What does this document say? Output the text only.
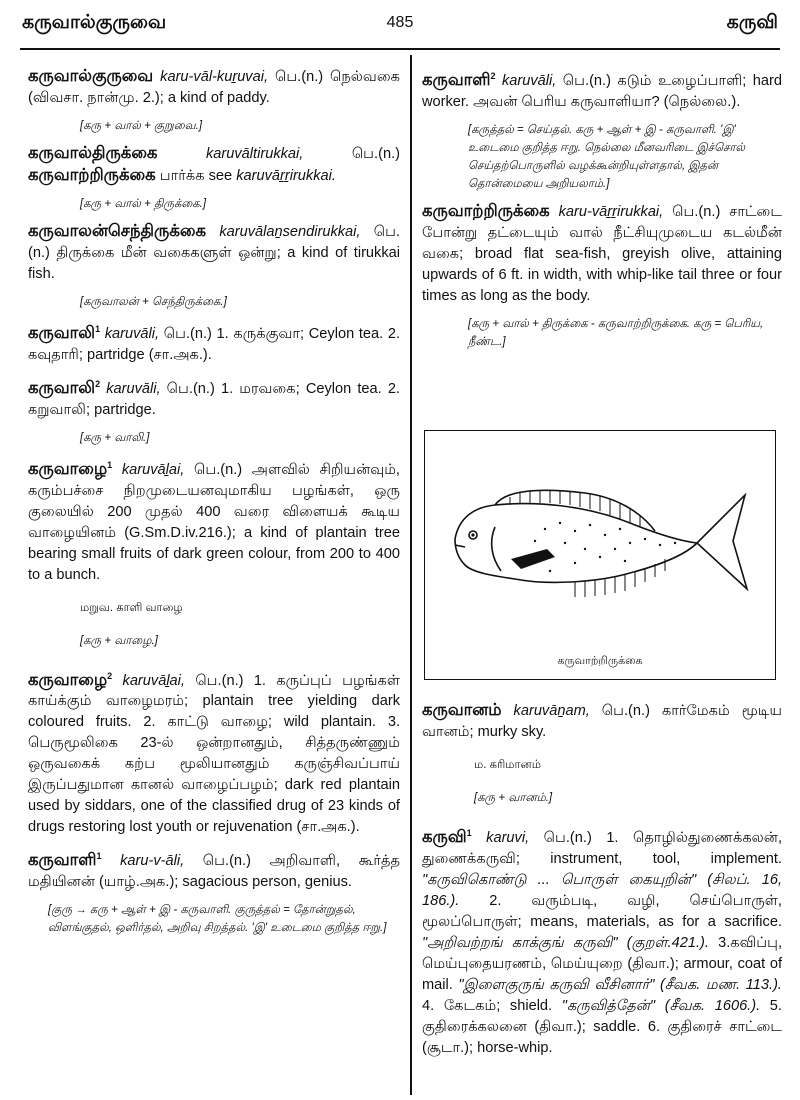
கருவால்குருவை	485	கருவி

கருவால்குருவை karu-vāl-kuṟuvai, பெ.(n.) நெல்வகை (விவசா. நான்மு. 2.); a kind of paddy.

[கரு + வால் + குறுவை.]

கருவால்திருக்கை	karuvāltirukkai, பெ.(n.) கருவாற்றிருக்கை பார்க்க see karuvāṟṟirukkai.

[கரு + வால் + திருக்கை.]

கருவாலன்செந்திருக்கை karuvālaṉsendirukkai, பெ.(n.) திருக்கை மீன் வகைகளுள் ஒன்று; a kind of tirukkai fish.

[கருவாலன் + செந்திருக்கை.]

கருவாலி$^1$ karuvāli, பெ.(n.) 1. கருக்குவா; Ceylon tea. 2. கவுதாரி; partridge (சா.அக.).

கருவாலி$^2$ karuvāli, பெ.(n.) 1. மரவகை; Ceylon tea. 2. கறுவாலி; partridge.

[கரு + வாலி.]

கருவாழை$^1$ karuvāḻai, பெ.(n.) அளவில் சிறியன்வும், கரும்பச்சை நிறமுடையனவுமாகிய பழங்கள், ஒரு குலையில் 200 முதல் 400 வரை விளையக் கூடிய வாழையினம் (G.Sm.D.iv.216.); a kind of plantain tree bearing small fruits of dark green colour, from 200 to 400 to a bunch.

மறுவ. காளி வாழை

[கரு + வாழை.]

கருவாழை$^2$ karuvāḻai, பெ.(n.) 1. கருப்புப் பழங்கள் காய்க்கும் வாழைமரம்; plantain tree yielding dark coloured fruits. 2. காட்டு வாழை; wild plantain. 3. பெருமூலிகை 23-ல் ஒன்றானதும், சித்தருண்ணும் ஒருவகைக் கற்ப மூலியானதும் கருஞ்சிவப்பாய் இருப்பதுமான கானல் வாழைப்பழம்; dark red plantain used by siddars, one of the classified drug of 23 kinds of drugs restoring lost youth or rejuvenation (சா.அக.).

கருவாளி$^1$ karu-v-āli, பெ.(n.) அறிவாளி, கூர்த்த மதியினன் (யாழ்.அக.); sagacious person, genius.

[குரு → கரு + ஆள் + இ - கருவாளி. குருத்தல் = தோன்றுதல், விளங்குதல், ஒளிர்தல், அறிவு சிறத்தல். 'இ' உடைமை குறித்த ஈறு.]

கருவாளி$^2$ karuvāli, பெ.(n.) கடும் உழைப்பாளி; hard worker. அவன் பெரிய கருவாளியா? (நெல்லை.).

[கருத்தல் = செய்தல். கரு + ஆள் + இ - கருவாளி. 'இ' உடைமை குறித்த ஈறு. நெல்லை மீனவரிடை இச்சொல் செய்தற்பொருளில் வழக்கூன்றியுள்ளதால், இதன் தொன்மையை அறியலாம்.]

கருவாற்றிருக்கை karu-vāṟṟirukkai, பெ.(n.) சாட்டை போன்று தட்டையும் வால் நீட்சியுமுடைய கடல்மீன் வகை; broad flat sea-fish, greyish olive, attaining upwards of 6 ft. in width, with whip-like tail three or four times as long as the body.

[கரு + வால் + திருக்கை - கருவாற்றிருக்கை. கரு = பெரிய, நீண்ட.]

கருவாற்றிருக்கை

கருவானம் karuvāṉam, பெ.(n.) கார்மேகம் மூடிய வானம்; murky sky.

ம. கரிமானம்

[கரு + வானம்.]

கருவி$^1$ karuvi, பெ.(n.) 1. தொழில்துணைக்கலன், துணைக்கருவி; instrument, tool, implement. "கருவிகொண்டு ... பொருள் கையுறின்" (சிலப். 16, 186.). 2. வரும்படி, வழி, செய்பொருள், மூலப்பொருள்; means, materials, as for a sacrifice. "அறிவற்றங் காக்குங் கருவி" (குறள்.421.). 3.கவிப்பு, மெய்புதையரணம், மெய்யுறை (திவா.); armour, coat of mail. "இளைகுருங் கருவி வீசினார்" (சீவக. மண. 113.). 4. கேடகம்; shield. "கருவித்தேன்" (சீவக. 1606.). 5. குதிரைக்கலனை (திவா.); saddle. 6. குதிரைச் சாட்டை (சூடா.); horse-whip.
